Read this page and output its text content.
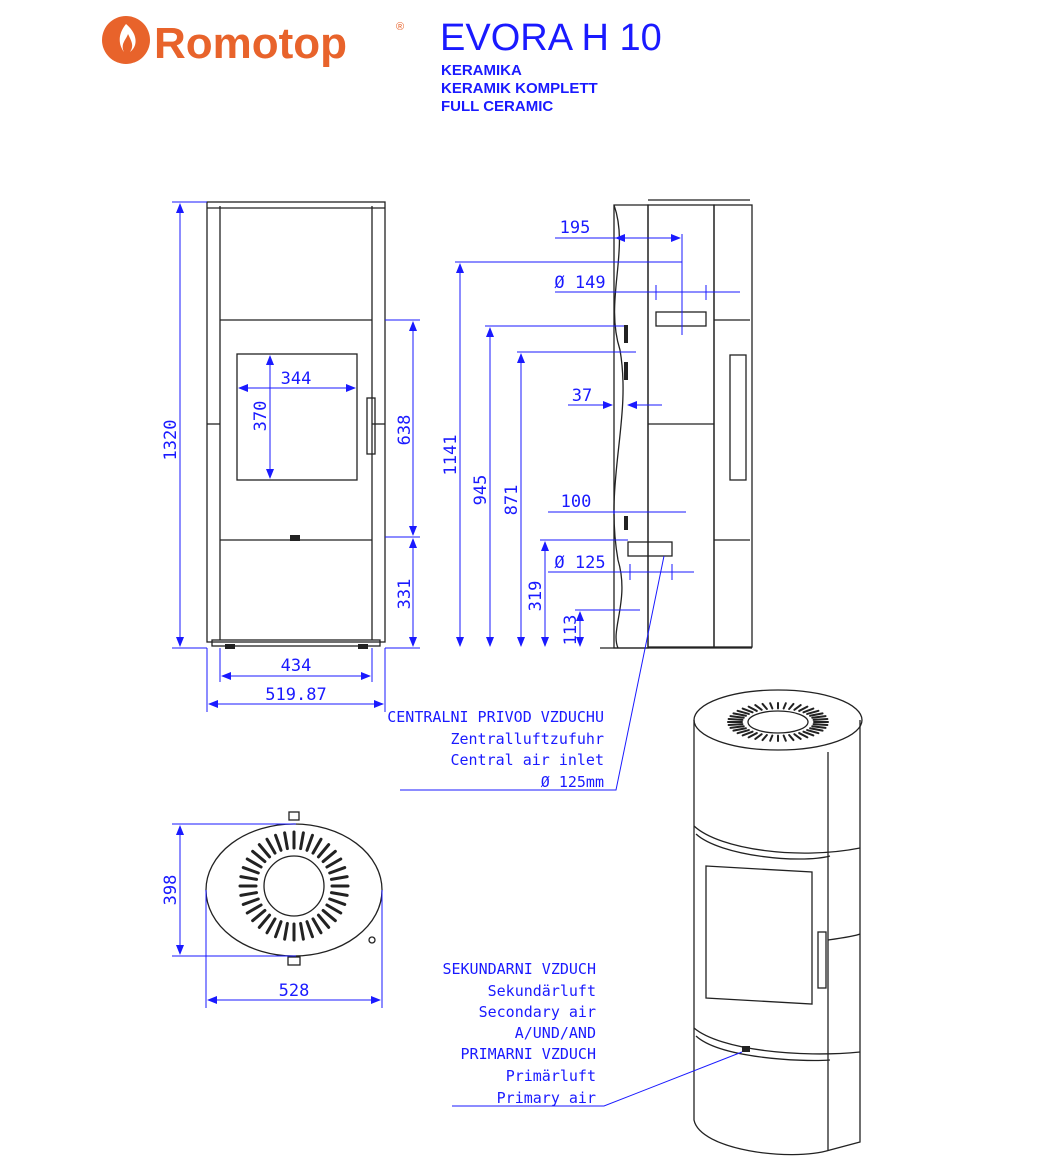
Romotop	® EVORA H 10
KERAMIKA
KERAMIK KOMPLETT
FULL CERAMIC
1320	638
331
344
370
434
519.87
195
Ø 149
1141
945 871
37
100
Ø 125
319
113
CENTRALNI PRIVOD VZDUCHU
Zentralluftzufuhr
Central air inlet
Ø 125mm
398
528
SEKUNDARNI VZDUCH
Sekundärluft
Secondary air
A/UND/AND
PRIMARNI VZDUCH
Primärluft
Primary air
